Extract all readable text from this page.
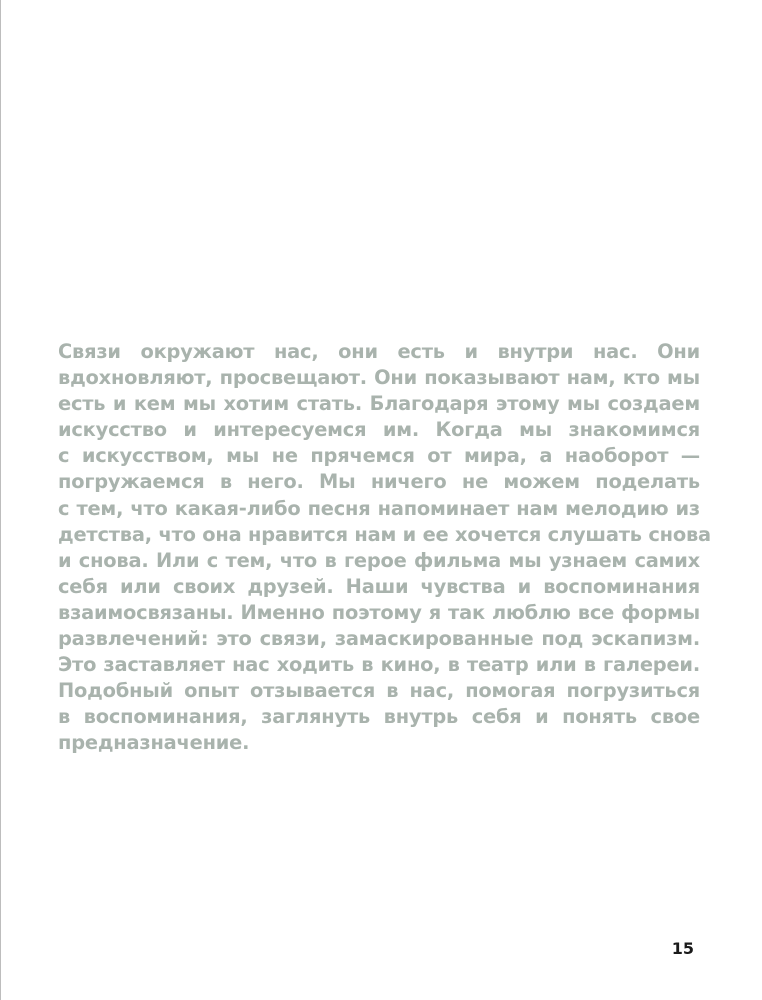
Связи окружают нас, они есть и внутри нас. Они
вдохновляют, просвещают. Они показывают нам, кто мы
есть и кем мы хотим стать. Благодаря этому мы создаем
искусство и интересуемся им. Когда мы знакомимся
с искусством, мы не прячемся от мира, а наоборот —
погружаемся в него. Мы ничего не можем поделать
с тем, что какая-либо песня напоминает нам мелодию из
детства, что она нравится нам и ее хочется слушать снова
и снова. Или с тем, что в герое фильма мы узнаем самих
себя или своих друзей. Наши чувства и воспоминания
взаимосвязаны. Именно поэтому я так люблю все формы
развлечений: это связи, замаскированные под эскапизм.
Это заставляет нас ходить в кино, в театр или в галереи.
Подобный опыт отзывается в нас, помогая погрузиться
в воспоминания, заглянуть внутрь себя и понять свое
предназначение.

15
